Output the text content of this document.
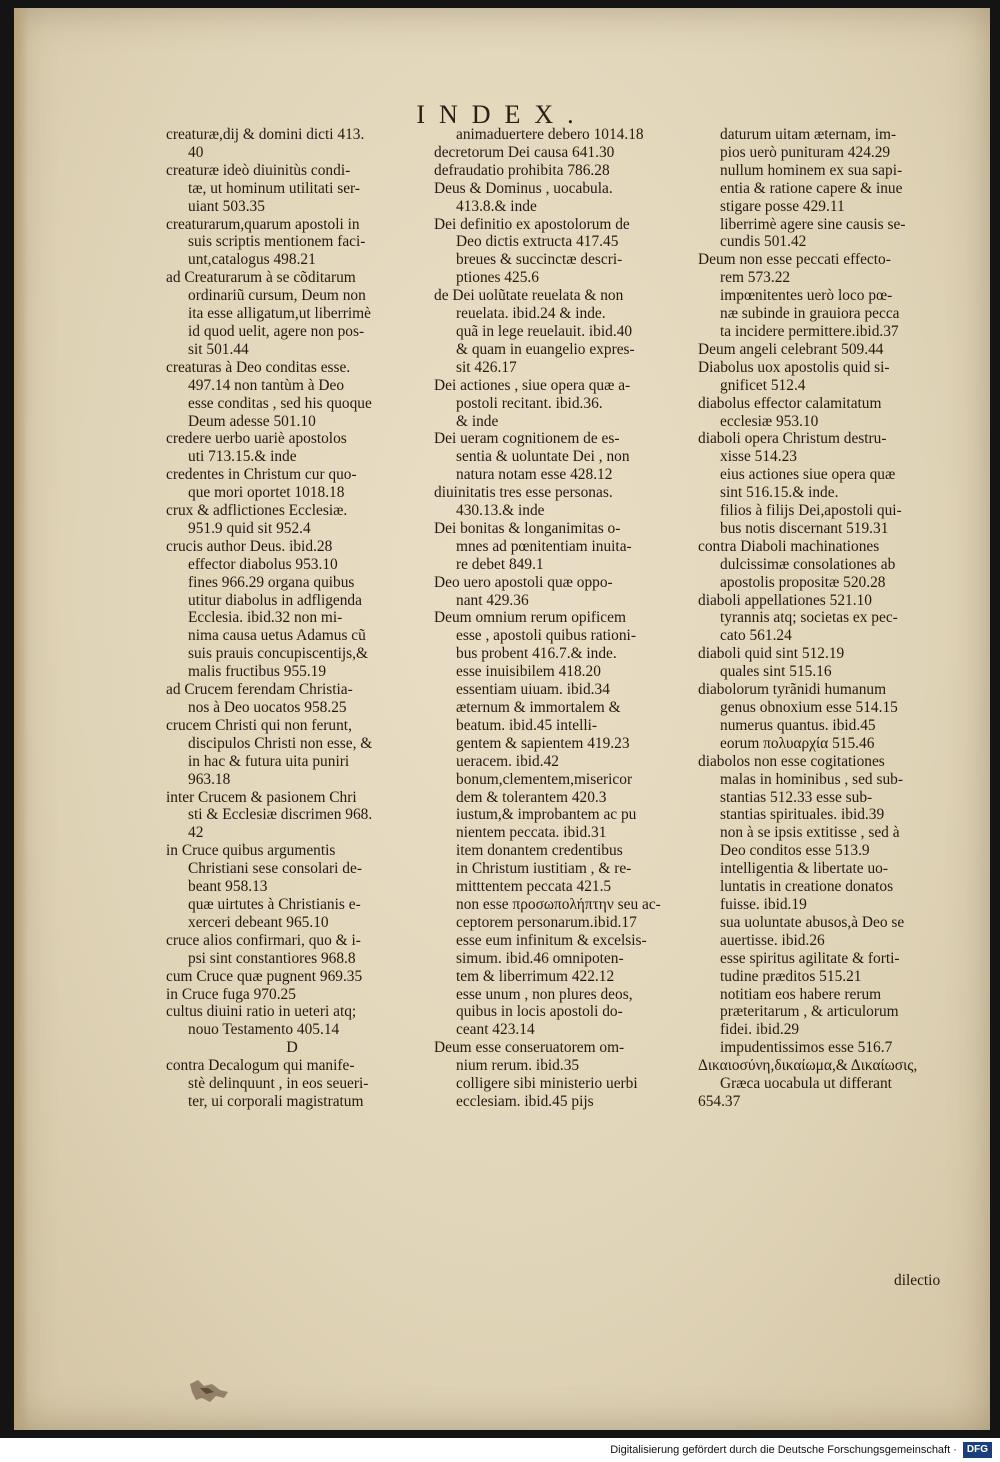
INDEX.
creaturæ,dij & domini dicti 413.
40
creaturæ ideò diuinitùs condi-
tæ, ut hominum utilitati ser-
uiant 503.35
creaturarum,quarum apostoli in
suis scriptis mentionem faci-
unt,catalogus 498.21
ad Creaturarum à se cõditarum
ordinariũ cursum, Deum non
ita esse alligatum,ut liberrimè
id quod uelit, agere non pos-
sit 501.44
creaturas à Deo conditas esse.
497.14 non tantùm à Deo
esse conditas , sed his quoque
Deum adesse 501.10
credere uerbo uariè apostolos
uti 713.15.& inde
credentes in Christum cur quo-
que mori oportet 1018.18
crux & adflictiones Ecclesiæ.
951.9 quid sit 952.4
crucis author Deus. ibid.28
effector diabolus 953.10
fines 966.29 organa quibus
utitur diabolus in adfligenda
Ecclesia. ibid.32 non mi-
nima causa uetus Adamus cũ
suis prauis concupiscentijs,&
malis fructibus 955.19
ad Crucem ferendam Christia-
nos à Deo uocatos 958.25
crucem Christi qui non ferunt,
discipulos Christi non esse, &
in hac & futura uita puniri
963.18
inter Crucem & pasionem Chri
sti & Ecclesiæ discrimen 968.
42
in Cruce quibus argumentis
Christiani sese consolari de-
beant 958.13
quæ uirtutes à Christianis e-
xerceri debeant 965.10
cruce alios confirmari, quo & i-
psi sint constantiores 968.8
cum Cruce quæ pugnent 969.35
in Cruce fuga 970.25
cultus diuini ratio in ueteri atq;
nouo Testamento 405.14
D
contra Decalogum qui manife-
stè delinquunt , in eos seueri-
ter, ui corporali magistratum
animaduertere debero 1014.18
decretorum Dei causa 641.30
defraudatio prohibita 786.28
Deus & Dominus , uocabula.
413.8.& inde
Dei definitio ex apostolorum de
Deo dictis extructa 417.45
breues & succinctæ descri-
ptiones 425.6
de Dei uolũtate reuelata & non
reuelata. ibid.24 & inde.
quã in lege reuelauit. ibid.40
& quam in euangelio expres-
sit 426.17
Dei actiones , siue opera quæ a-
postoli recitant. ibid.36.
& inde
Dei ueram cognitionem de es-
sentia & uoluntate Dei , non
natura notam esse 428.12
diuinitatis tres esse personas.
430.13.& inde
Dei bonitas & longanimitas o-
mnes ad pœnitentiam inuita-
re debet 849.1
Deo uero apostoli quæ oppo-
nant 429.36
Deum omnium rerum opificem
esse , apostoli quibus rationi-
bus probent 416.7.& inde.
esse inuisibilem 418.20
essentiam uiuam. ibid.34
æternum & immortalem &
beatum. ibid.45 intelli-
gentem & sapientem 419.23
ueracem. ibid.42
bonum,clementem,misericor
dem & tolerantem 420.3
iustum,& improbantem ac pu
nientem peccata. ibid.31
item donantem credentibus
in Christum iustitiam , & re-
mitttentem peccata 421.5
non esse προσωπολήπτην seu ac-
ceptorem personarum.ibid.17
esse eum infinitum & excelsis-
simum. ibid.46 omnipoten-
tem & liberrimum 422.12
esse unum , non plures deos,
quibus in locis apostoli do-
ceant 423.14
Deum esse conseruatorem om-
nium rerum. ibid.35
colligere sibi ministerio uerbi
ecclesiam. ibid.45 pijs
daturum uitam æternam, im-
pios uerò punituram 424.29
nullum hominem ex sua sapi-
entia & ratione capere & inue
stigare posse 429.11
liberrimè agere sine causis se-
cundis 501.42
Deum non esse peccati effecto-
rem 573.22
impœnitentes uerò loco pœ-
næ subinde in grauiora pecca
ta incidere permittere.ibid.37
Deum angeli celebrant 509.44
Diabolus uox apostolis quid si-
gnificet 512.4
diabolus effector calamitatum
ecclesiæ 953.10
diaboli opera Christum destru-
xisse 514.23
eius actiones siue opera quæ
sint 516.15.& inde.
filios à filijs Dei,apostoli qui-
bus notis discernant 519.31
contra Diaboli machinationes
dulcissimæ consolationes ab
apostolis propositæ 520.28
diaboli appellationes 521.10
tyrannis atq; societas ex pec-
cato 561.24
diaboli quid sint 512.19
quales sint 515.16
diabolorum tyrãnidi humanum
genus obnoxium esse 514.15
numerus quantus. ibid.45
eorum πολυαρχία 515.46
diabolos non esse cogitationes
malas in hominibus , sed sub-
stantias 512.33 esse sub-
stantias spirituales. ibid.39
non à se ipsis extitisse , sed à
Deo conditos esse 513.9
intelligentia & libertate uo-
luntatis in creatione donatos
fuisse. ibid.19
sua uoluntate abusos,à Deo se
auertisse. ibid.26
esse spiritus agilitate & forti-
tudine præditos 515.21
notitiam eos habere rerum
præteritarum , & articulorum
fidei. ibid.29
impudentissimos esse 516.7
Δικαιοσύνη,δικαίωμα,& Δικαίωσις,
Græca uocabula ut differant
654.37
dilectio
Digitalisierung gefördert durch die Deutsche Forschungsgemeinschaft · DFG
